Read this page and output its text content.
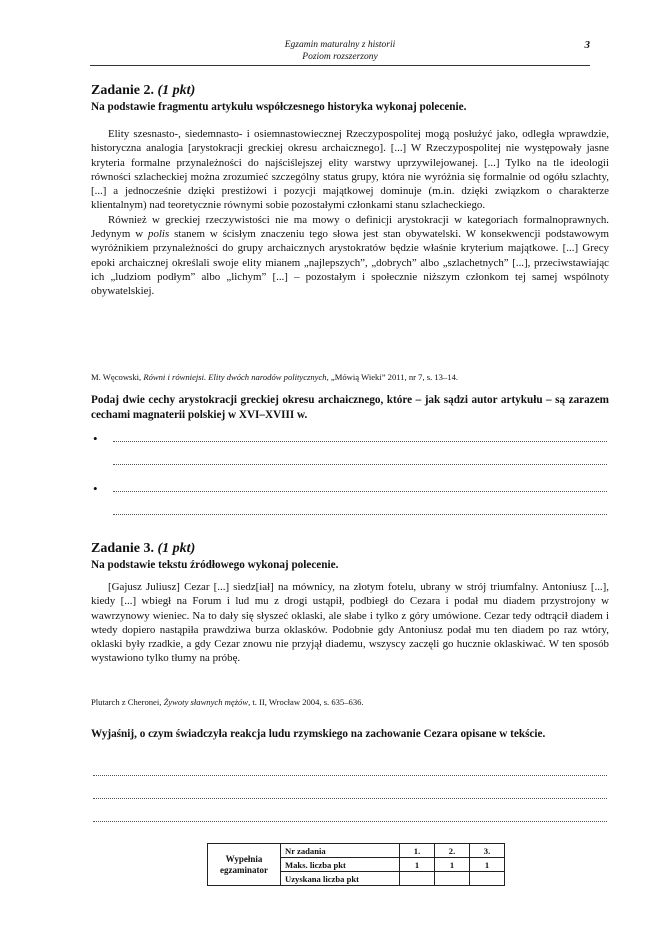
Egzamin maturalny z historii
Poziom rozszerzony
3
Zadanie 2. (1 pkt)
Na podstawie fragmentu artykułu współczesnego historyka wykonaj polecenie.

Elity szesnasto-, siedemnasto- i osiemnastowiecznej Rzeczypospolitej mogą posłużyć jako, odległa wprawdzie, historyczna analogia [arystokracji greckiej okresu archaicznego]. [...] W Rzeczypospolitej nie występowały jasne kryteria formalne przynależności do najściślejszej elity warstwy uprzywilejowanej. [...] Tylko na tle ideologii równości szlacheckiej można zrozumieć szczególny status grupy, która nie wyróżnia się formalnie od ogółu szlachty, [...] a jednocześnie dzięki prestiżowi i pozycji majątkowej dominuje (m.in. dzięki związkom o charakterze klientalnym) nad teoretycznie równymi sobie pozostałymi członkami stanu szlacheckiego.

Również w greckiej rzeczywistości nie ma mowy o definicji arystokracji w kategoriach formalnoprawnych. Jedynym w polis stanem w ścisłym znaczeniu tego słowa jest stan obywatelski. W konsekwencji podstawowym wyróżnikiem przynależności do grupy archaicznych arystokratów będzie właśnie kryterium majątkowe. [...] Grecy epoki archaicznej określali swoje elity mianem „najlepszych”, „dobrych” albo „szlachetnych” [...], przeciwstawiając ich „ludziom podłym” albo „lichym” [...] – pozostałym i społecznie niższym członkom tej samej wspólnoty obywatelskiej.

M. Węcowski, Równi i równiejsi. Elity dwóch narodów politycznych, „Mówią Wieki” 2011, nr 7, s. 13–14.
Podaj dwie cechy arystokracji greckiej okresu archaicznego, które – jak sądzi autor artykułu – są zarazem cechami magnaterii polskiej w XVI–XVIII w.
•
•
Zadanie 3. (1 pkt)
Na podstawie tekstu źródłowego wykonaj polecenie.

[Gajusz Juliusz] Cezar [...] siedz[iał] na mównicy, na złotym fotelu, ubrany w strój triumfalny. Antoniusz [...], kiedy [...] wbiegł na Forum i lud mu z drogi ustąpił, podbiegł do Cezara i podał mu diadem przystrojony w wawrzynowy wieniec. Na to dały się słyszeć oklaski, ale słabe i tylko z góry umówione. Cezar tedy odtrącił diadem i wtedy dopiero nastąpiła prawdziwa burza oklasków. Podobnie gdy Antoniusz podał mu ten diadem po raz wtóry, oklaski były rzadkie, a gdy Cezar znowu nie przyjął diademu, wszyscy zaczęli go hucznie oklaskiwać. W ten sposób wystawiono tylko tłumy na próbę.

Plutarch z Cheronei, Żywoty sławnych mężów, t. II, Wrocław 2004, s. 635–636.
Wyjaśnij, o czym świadczyła reakcja ludu rzymskiego na zachowanie Cezara opisane w tekście.
Wypełnia
egzaminator	Nr zadania	1.	2.	3.
	Maks. liczba pkt	1	1	1
	Uzyskana liczba pkt			
